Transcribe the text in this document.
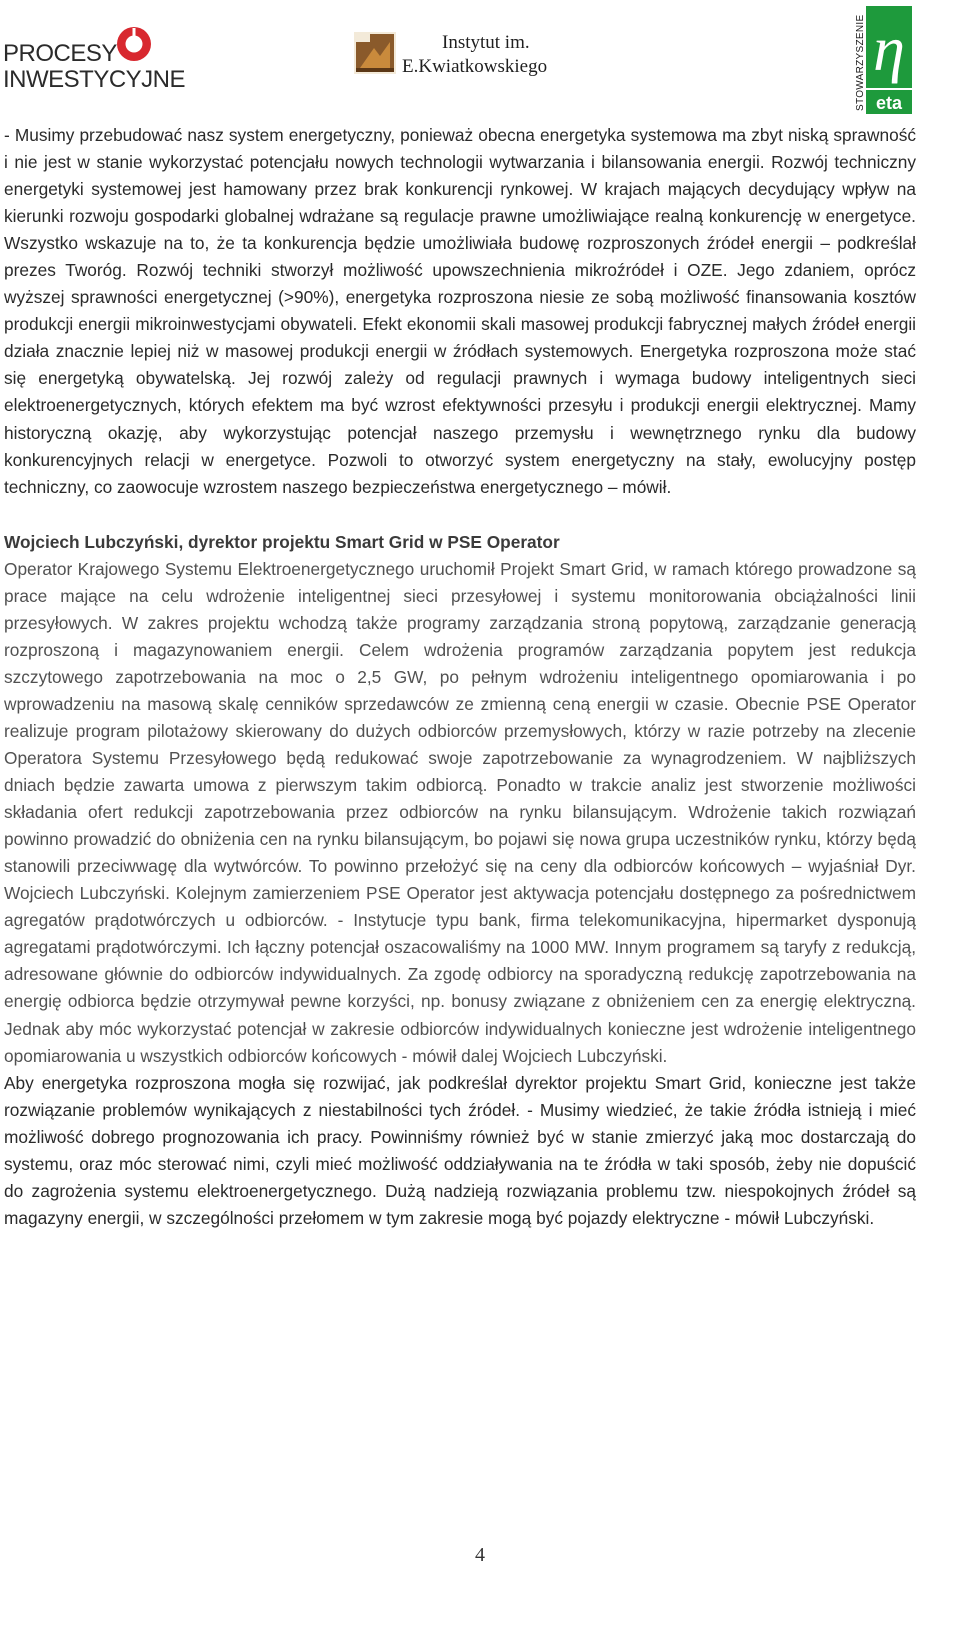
PROCESY
INWESTYCYJNE
Instytut im.
E.Kwiatkowskiego	STOWARZYSZENIE η
eta

- Musimy przebudować nasz system energetyczny, ponieważ obecna energetyka systemowa ma zbyt niską sprawność i nie jest w stanie wykorzystać potencjału nowych technologii wytwarzania i bilansowania energii. Rozwój techniczny energetyki systemowej jest hamowany przez brak konkurencji rynkowej. W krajach mających decydujący wpływ na kierunki rozwoju gospodarki globalnej wdrażane są regulacje prawne umożliwiające realną konkurencję w energetyce. Wszystko wskazuje na to, że ta konkurencja będzie umożliwiała budowę rozproszonych źródeł energii – podkreślał prezes Tworóg. Rozwój techniki stworzył możliwość upowszechnienia mikroźródeł i OZE. Jego zdaniem, oprócz wyższej sprawności energetycznej (>90%), energetyka rozproszona niesie ze sobą możliwość finansowania kosztów produkcji energii mikroinwestycjami obywateli. Efekt ekonomii skali masowej produkcji fabrycznej małych źródeł energii działa znacznie lepiej niż w masowej produkcji energii w źródłach systemowych. Energetyka rozproszona może stać się energetyką obywatelską. Jej rozwój zależy od regulacji prawnych i wymaga budowy inteligentnych sieci elektroenergetycznych, których efektem ma być wzrost efektywności przesyłu i produkcji energii elektrycznej. Mamy historyczną okazję, aby wykorzystując potencjał naszego przemysłu i wewnętrznego rynku dla budowy konkurencyjnych relacji w energetyce. Pozwoli to otworzyć system energetyczny na stały, ewolucyjny postęp techniczny, co zaowocuje wzrostem naszego bezpieczeństwa energetycznego – mówił.

Wojciech Lubczyński, dyrektor projektu Smart Grid w PSE Operator

Operator Krajowego Systemu Elektroenergetycznego uruchomił Projekt Smart Grid, w ramach którego prowadzone są prace mające na celu wdrożenie inteligentnej sieci przesyłowej i systemu monitorowania obciążalności linii przesyłowych. W zakres projektu wchodzą także programy zarządzania stroną popytową, zarządzanie generacją rozproszoną i magazynowaniem energii. Celem wdrożenia programów zarządzania popytem jest redukcja szczytowego zapotrzebowania na moc o 2,5 GW, po pełnym wdrożeniu inteligentnego opomiarowania i po wprowadzeniu na masową skalę cenników sprzedawców ze zmienną ceną energii w czasie. Obecnie PSE Operator realizuje program pilotażowy skierowany do dużych odbiorców przemysłowych, którzy w razie potrzeby na zlecenie Operatora Systemu Przesyłowego będą redukować swoje zapotrzebowanie za wynagrodzeniem. W najbliższych dniach będzie zawarta umowa z pierwszym takim odbiorcą. Ponadto w trakcie analiz jest stworzenie możliwości składania ofert redukcji zapotrzebowania przez odbiorców na rynku bilansującym. Wdrożenie takich rozwiązań powinno prowadzić do obniżenia cen na rynku bilansującym, bo pojawi się nowa grupa uczestników rynku, którzy będą stanowili przeciwwagę dla wytwórców. To powinno przełożyć się na ceny dla odbiorców końcowych – wyjaśniał Dyr. Wojciech Lubczyński. Kolejnym zamierzeniem PSE Operator jest aktywacja potencjału dostępnego za pośrednictwem agregatów prądotwórczych u odbiorców. - Instytucje typu bank, firma telekomunikacyjna, hipermarket dysponują agregatami prądotwórczymi. Ich łączny potencjał oszacowaliśmy na 1000 MW. Innym programem są taryfy z redukcją, adresowane głównie do odbiorców indywidualnych. Za zgodę odbiorcy na sporadyczną redukcję zapotrzebowania na energię odbiorca będzie otrzymywał pewne korzyści, np. bonusy związane z obniżeniem cen za energię elektryczną. Jednak aby móc wykorzystać potencjał w zakresie odbiorców indywidualnych konieczne jest wdrożenie inteligentnego opomiarowania u wszystkich odbiorców końcowych - mówił dalej Wojciech Lubczyński.

Aby energetyka rozproszona mogła się rozwijać, jak podkreślał dyrektor projektu Smart Grid, konieczne jest także rozwiązanie problemów wynikających z niestabilności tych źródeł. - Musimy wiedzieć, że takie źródła istnieją i mieć możliwość dobrego prognozowania ich pracy. Powinniśmy również być w stanie zmierzyć jaką moc dostarczają do systemu, oraz móc sterować nimi, czyli mieć możliwość oddziaływania na te źródła w taki sposób, żeby nie dopuścić do zagrożenia systemu elektroenergetycznego. Dużą nadzieją rozwiązania problemu tzw. niespokojnych źródeł są magazyny energii, w szczególności przełomem w tym zakresie mogą być pojazdy elektryczne - mówił Lubczyński.

4
